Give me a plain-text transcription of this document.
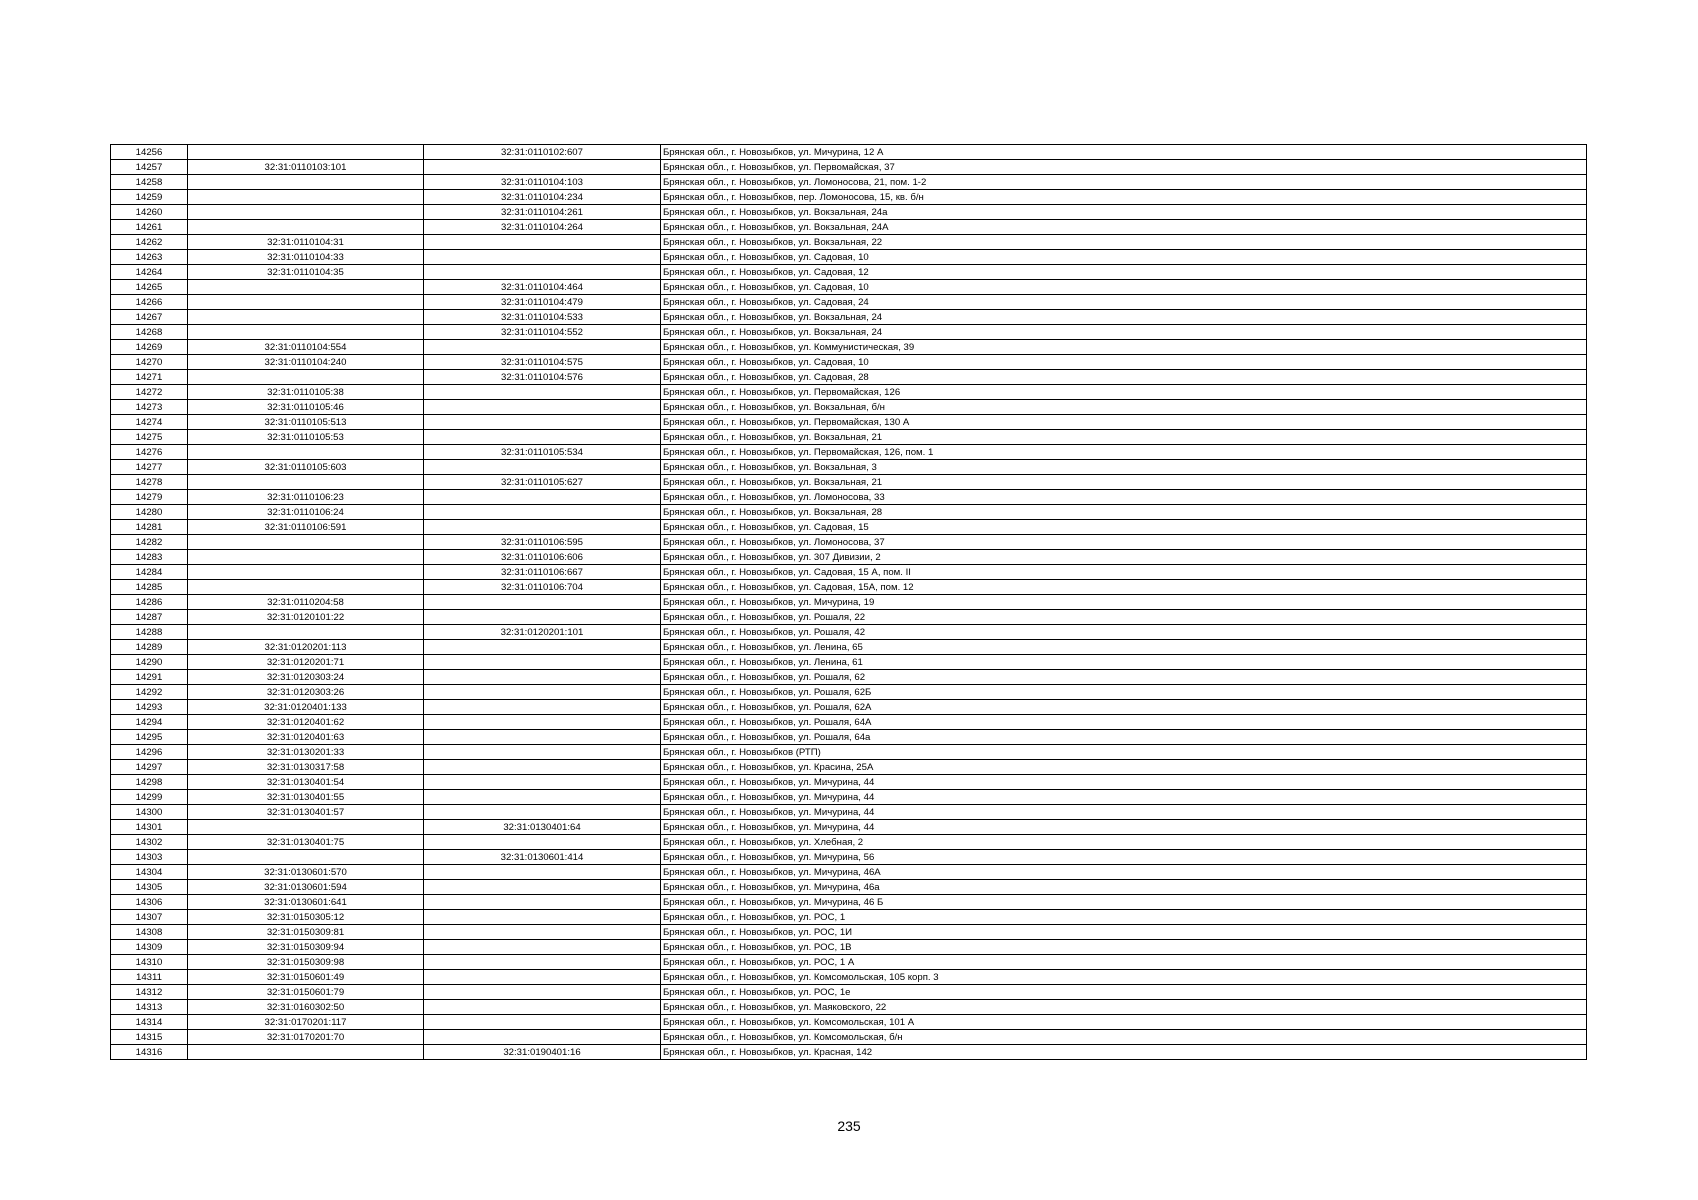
14256		32:31:0110102:607	Брянская обл., г. Новозыбков, ул. Мичурина, 12 А
14257	32:31:0110103:101		Брянская обл., г. Новозыбков, ул. Первомайская, 37
14258		32:31:0110104:103	Брянская обл., г. Новозыбков, ул. Ломоносова, 21, пом. 1-2
14259		32:31:0110104:234	Брянская обл., г. Новозыбков, пер. Ломоносова, 15, кв. б/н
14260		32:31:0110104:261	Брянская обл., г. Новозыбков, ул. Вокзальная, 24а
14261		32:31:0110104:264	Брянская обл., г. Новозыбков, ул. Вокзальная, 24А
14262	32:31:0110104:31		Брянская обл., г. Новозыбков, ул. Вокзальная, 22
14263	32:31:0110104:33		Брянская обл., г. Новозыбков, ул. Садовая, 10
14264	32:31:0110104:35		Брянская обл., г. Новозыбков, ул. Садовая, 12
14265		32:31:0110104:464	Брянская обл., г. Новозыбков, ул. Садовая, 10
14266		32:31:0110104:479	Брянская обл., г. Новозыбков, ул. Садовая, 24
14267		32:31:0110104:533	Брянская обл., г. Новозыбков, ул. Вокзальная, 24
14268		32:31:0110104:552	Брянская обл., г. Новозыбков, ул. Вокзальная, 24
14269	32:31:0110104:554		Брянская обл., г. Новозыбков, ул. Коммунистическая, 39
14270	32:31:0110104:240	32:31:0110104:575	Брянская обл., г. Новозыбков, ул. Садовая, 10
14271		32:31:0110104:576	Брянская обл., г. Новозыбков, ул. Садовая, 28
14272	32:31:0110105:38		Брянская обл., г. Новозыбков, ул. Первомайская, 126
14273	32:31:0110105:46		Брянская обл., г. Новозыбков, ул. Вокзальная, б/н
14274	32:31:0110105:513		Брянская обл., г. Новозыбков, ул. Первомайская, 130 А
14275	32:31:0110105:53		Брянская обл., г. Новозыбков, ул. Вокзальная, 21
14276		32:31:0110105:534	Брянская обл., г. Новозыбков, ул. Первомайская, 126, пом. 1
14277	32:31:0110105:603		Брянская обл., г. Новозыбков, ул. Вокзальная, 3
14278		32:31:0110105:627	Брянская обл., г. Новозыбков, ул. Вокзальная, 21
14279	32:31:0110106:23		Брянская обл., г. Новозыбков, ул. Ломоносова, 33
14280	32:31:0110106:24		Брянская обл., г. Новозыбков, ул. Вокзальная, 28
14281	32:31:0110106:591		Брянская обл., г. Новозыбков, ул. Садовая, 15
14282		32:31:0110106:595	Брянская обл., г. Новозыбков, ул. Ломоносова, 37
14283		32:31:0110106:606	Брянская обл., г. Новозыбков, ул. 307 Дивизии, 2
14284		32:31:0110106:667	Брянская обл., г. Новозыбков, ул. Садовая, 15 А, пом. II
14285		32:31:0110106:704	Брянская обл., г. Новозыбков, ул. Садовая, 15А, пом. 12
14286	32:31:0110204:58		Брянская обл., г. Новозыбков, ул. Мичурина, 19
14287	32:31:0120101:22		Брянская обл., г. Новозыбков, ул. Рошаля, 22
14288		32:31:0120201:101	Брянская обл., г. Новозыбков, ул. Рошаля, 42
14289	32:31:0120201:113		Брянская обл., г. Новозыбков, ул. Ленина, 65
14290	32:31:0120201:71		Брянская обл., г. Новозыбков, ул. Ленина, 61
14291	32:31:0120303:24		Брянская обл., г. Новозыбков, ул. Рошаля, 62
14292	32:31:0120303:26		Брянская обл., г. Новозыбков, ул. Рошаля, 62Б
14293	32:31:0120401:133		Брянская обл., г. Новозыбков, ул. Рошаля, 62А
14294	32:31:0120401:62		Брянская обл., г. Новозыбков, ул. Рошаля, 64А
14295	32:31:0120401:63		Брянская обл., г. Новозыбков, ул. Рошаля, 64а
14296	32:31:0130201:33		Брянская обл., г. Новозыбков (РТП)
14297	32:31:0130317:58		Брянская обл., г. Новозыбков, ул. Красина, 25А
14298	32:31:0130401:54		Брянская обл., г. Новозыбков, ул. Мичурина, 44
14299	32:31:0130401:55		Брянская обл., г. Новозыбков, ул. Мичурина, 44
14300	32:31:0130401:57		Брянская обл., г. Новозыбков, ул. Мичурина, 44
14301		32:31:0130401:64	Брянская обл., г. Новозыбков, ул. Мичурина, 44
14302	32:31:0130401:75		Брянская обл., г. Новозыбков, ул. Хлебная, 2
14303		32:31:0130601:414	Брянская обл., г. Новозыбков, ул. Мичурина, 56
14304	32:31:0130601:570		Брянская обл., г. Новозыбков, ул. Мичурина, 46А
14305	32:31:0130601:594		Брянская обл., г. Новозыбков, ул. Мичурина, 46а
14306	32:31:0130601:641		Брянская обл., г. Новозыбков, ул. Мичурина, 46 Б
14307	32:31:0150305:12		Брянская обл., г. Новозыбков, ул. РОС, 1
14308	32:31:0150309:81		Брянская обл., г. Новозыбков, ул. РОС, 1И
14309	32:31:0150309:94		Брянская обл., г. Новозыбков, ул. РОС, 1В
14310	32:31:0150309:98		Брянская обл., г. Новозыбков, ул. РОС, 1 А
14311	32:31:0150601:49		Брянская обл., г. Новозыбков, ул. Комсомольская, 105 корп. 3
14312	32:31:0150601:79		Брянская обл., г. Новозыбков, ул. РОС, 1е
14313	32:31:0160302:50		Брянская обл., г. Новозыбков, ул. Маяковского, 22
14314	32:31:0170201:117		Брянская обл., г. Новозыбков, ул. Комсомольская, 101 А
14315	32:31:0170201:70		Брянская обл., г. Новозыбков, ул. Комсомольская, б/н
14316		32:31:0190401:16	Брянская обл., г. Новозыбков, ул. Красная, 142
235
